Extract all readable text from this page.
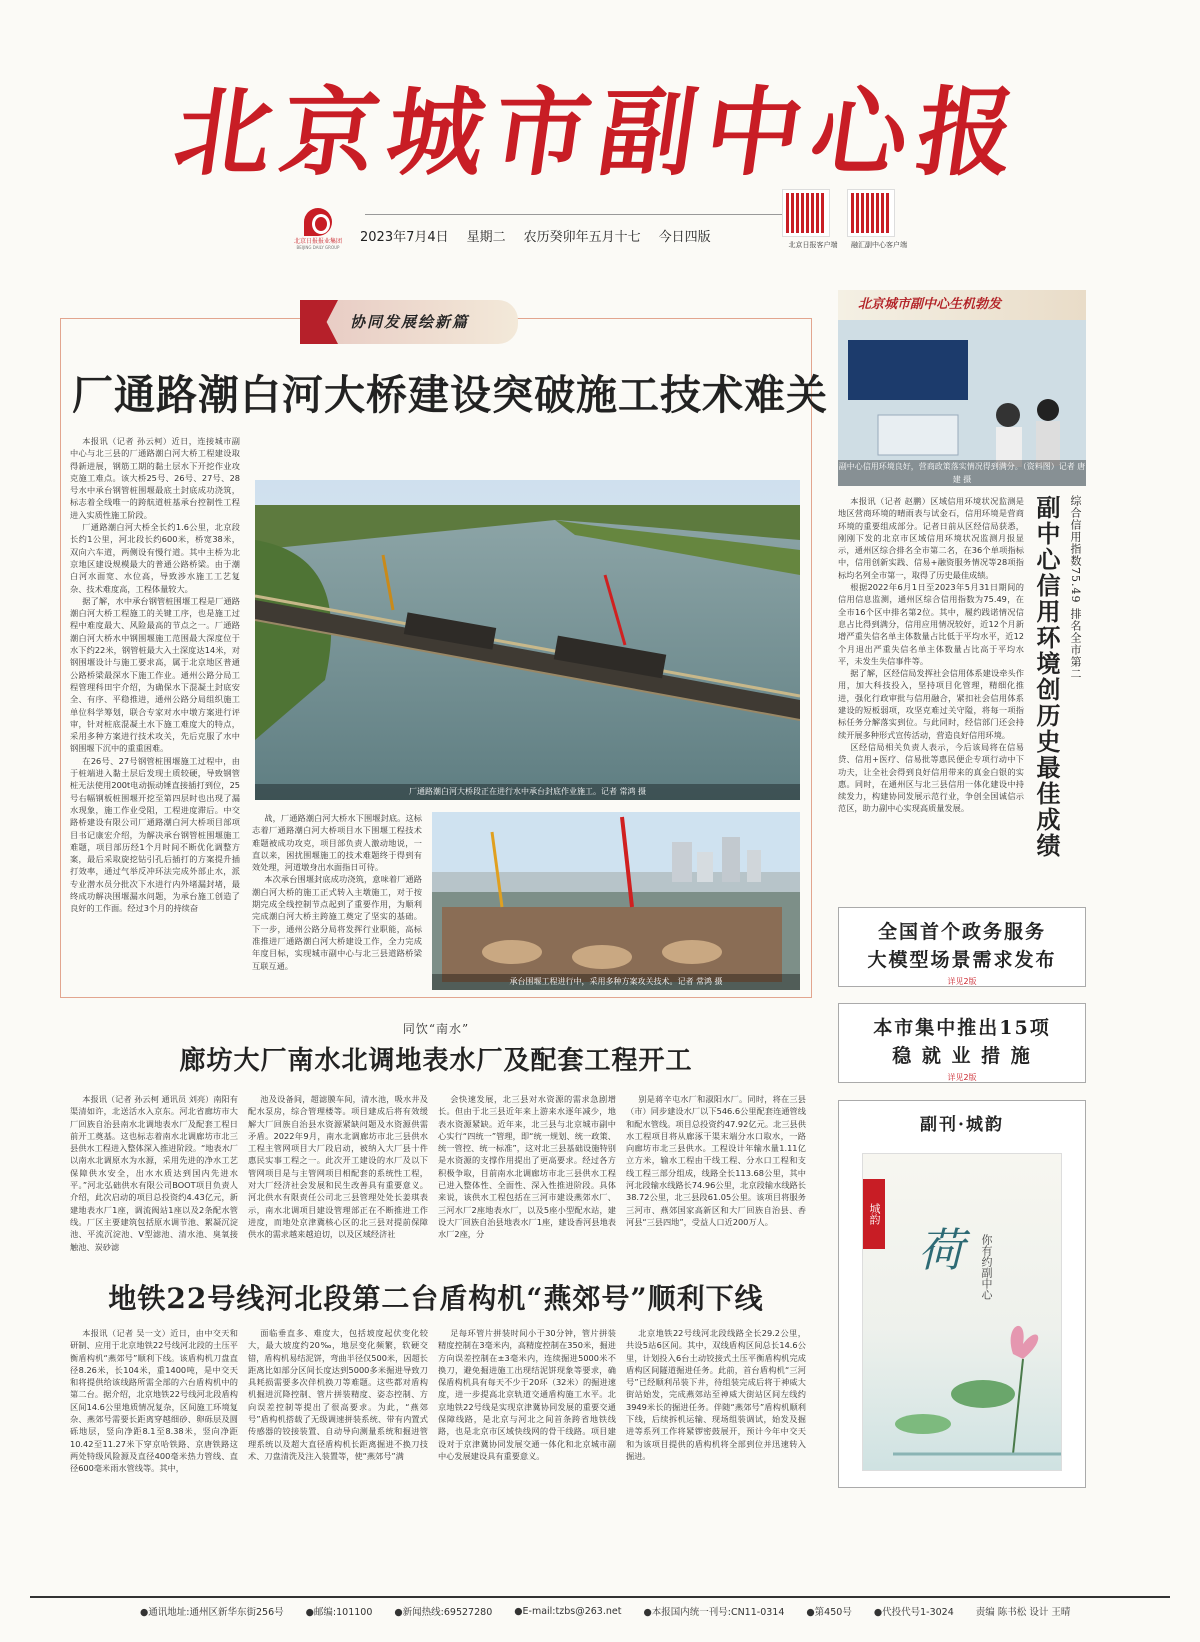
北京城市副中心报
北京日报报业集团
BEIJING DAILY GROUP
2023年7月4日 星期二 农历癸卯年五月十七 今日四版	北京日报客户端	融汇副中心客户端
协同发展绘新篇
厂通路潮白河大桥建设突破施工技术难关

本报讯（记者 孙云柯）近日，连接城市副中心与北三县的厂通路潮白河大桥工程建设取得新进展，钢筋工期的黏土层水下开挖作业攻克施工难点。该大桥25号、26号、27号、28号水中承台钢管桩围堰最底土封底成功浇筑，标志着全线唯一的跨航道桩基承台控制性工程进入实质性施工阶段。

厂通路潮白河大桥全长约1.6公里，北京段长约1公里，河北段长约600米，桥宽38米，双向六车道，两侧设有慢行道。其中主桥为北京地区建设规模最大的普通公路桥梁。由于潮白河水面宽、水位高，导致涉水施工工艺复杂、技术难度高，工程体量较大。

据了解，水中承台钢管桩围堰工程是厂通路潮白河大桥工程施工的关键工序，也是施工过程中难度最大、风险最高的节点之一。厂通路潮白河大桥水中钢围堰施工范围最大深度位于水下约22米，钢管桩最大入土深度达14米，对钢围堰设计与施工要求高，属于北京地区普通公路桥梁最深水下施工作业。通州公路分局工程管理科田宇介绍，为确保水下混凝土封底安全、有序、平稳推进，通州公路分局组织施工单位科学筹划，联合专家对水中墩方案进行评审，针对桩底混凝土水下施工难度大的特点，采用多种方案进行技术攻关，先后克服了水中钢围堰下沉中的重重困难。

在26号、27号钢管桩围堰施工过程中，由于桩端进入黏土层后发现土质较硬，导致钢管桩无法使用200t电动振动锤直接插打到位，25号右幅钢板桩围堰开挖至第四层时也出现了漏水现象，施工作业受阻，工程进度滞后。中交路桥建设有限公司厂通路潮白河大桥项目部项目书记康宏介绍，为解决承台钢管桩围堰施工难题，项目部历经1个月时间不断优化调整方案，最后采取旋挖钻引孔后插打的方案提升插打效率，通过气举反冲环法完成外部止水，派专业潜水员分批次下水进行内外堵漏封堵，最终成功解决围堰漏水问题，为承台施工创造了良好的工作面。经过3个月的持续奋

厂通路潮白河大桥段正在进行水中承台封底作业施工。记者 常鸿 摄

战，厂通路潮白河大桥水下围堰封底。这标志着厂通路潮白河大桥项目水下围堰工程技术难题被成功攻克，项目部负责人激动地说，一直以来，困扰围堰施工的技术难题终于得到有效处理，河道墩身出水面指日可待。

本次承台围堰封底成功浇筑，意味着厂通路潮白河大桥的施工正式转入主墩施工，对于按期完成全线控制节点起到了重要作用，为顺利完成潮白河大桥主跨施工奠定了坚实的基础。下一步，通州公路分局将发挥行业职能，高标准推进厂通路潮白河大桥建设工作，全力完成年度目标，实现城市副中心与北三县道路桥梁互联互通。

承台围堰工程进行中，采用多种方案攻关技术。记者 常鸿 摄
北京城市副中心生机勃发
副中心信用环境良好，营商政策落实情况得到满分。（资料图）记者 唐建 摄
综合信用指数75.49 排名全市第二
副中心信用环境创历史最佳成绩

本报讯（记者 赵鹏）区域信用环境状况监测是地区营商环境的晴雨表与试金石，信用环境是营商环境的重要组成部分。记者日前从区经信局获悉，刚刚下发的北京市区域信用环境状况监测月报显示，通州区综合排名全市第二名，在36个单项指标中，信用创新实践、信易+融资服务情况等28项指标均名列全市第一，取得了历史最佳成绩。

根据2022年6月1日至2023年5月31日期间的信用信息监测，通州区综合信用指数为75.49，在全市16个区中排名第2位。其中，履约践诺情况信息占比得到满分，信用应用情况较好，近12个月新增严重失信名单主体数量占比低于平均水平，近12个月退出严重失信名单主体数量占比高于平均水平，未发生失信事件等。

据了解，区经信局发挥社会信用体系建设牵头作用，加大科技投入，坚持项目化管理，精细化推进，强化行政审批与信用融合，紧扣社会信用体系建设的短板弱项，攻坚克难过关守隘，将每一项指标任务分解落实到位。与此同时，经信部门还会持续开展多种形式宣传活动，营造良好信用环境。

区经信局相关负责人表示，今后该局将在信易贷、信用+医疗、信易批等惠民便企专项行动中下功夫，让全社会得到良好信用带来的真金白银的实惠。同时，在通州区与北三县信用一体化建设中持续发力，构建协同发展示范行业，争创全国诚信示范区，助力副中心实现高质量发展。

全国首个政务服务
大模型场景需求发布
详见2版
本市集中推出15项
稳 就 业 措 施
详见2版
副刊·城韵
城韵
荷 你有约副中心
同饮“南水”
廊坊大厂南水北调地表水厂及配套工程开工

本报讯（记者 孙云柯 通讯员 刘亮）南阳有渠清如许，北送活水入京东。河北省廊坊市大厂回族自治县南水北调地表水厂及配套工程日前开工奠基。这也标志着南水北调廊坊市北三县供水工程进入整体深入推进阶段。“地表水厂以南水北调原水为水源，采用先进的净水工艺保障供水安全，出水水质达到国内先进水平。”河北弘础供水有限公司BOOT项目负责人介绍，此次启动的项目总投资约4.43亿元，新建地表水厂1座，调流阀站1座以及2条配水管线。厂区主要建筑包括原水调节池、絮凝沉淀池、平流沉淀池、V型滤池、清水池、臭氧接触池、炭砂滤

池及设备间，超滤膜车间，清水池，吸水井及配水泵房，综合管理楼等。项目建成后将有效缓解大厂回族自治县水资源紧缺问题及水资源供需矛盾。2022年9月，南水北调廊坊市北三县供水工程主管网项目大厂段启动，被纳入大厂县十件惠民实事工程之一。此次开工建设的水厂及以下管网项目是与主管网项目相配套的系统性工程，对大厂经济社会发展和民生改善具有重要意义。河北供水有限责任公司北三县管理处处长姜琪表示，南水北调项目建设管理部正在不断推进工作进度，而地处京津冀核心区的北三县对提前保障供水的需求越来越迫切，以及区域经济社

会快速发展，北三县对水资源的需求急剧增长。但由于北三县近年来上游来水逐年减少，地表水资源紧缺。近年来，北三县与北京城市副中心实行“四统一”管理，即“统一规划、统一政策、统一管控、统一标准”，这对北三县基础设施特别是水资源的支撑作用提出了更高要求。经过各方积极争取，目前南水北调廊坊市北三县供水工程已进入整体性、全面性、深入性推进阶段。具体来说，该供水工程包括在三河市建设燕郊水厂、三河水厂2座地表水厂，以及5座小型配水站，建设大厂回族自治县地表水厂1座，建设香河县地表水厂2座，分

别是蒋辛屯水厂和淑阳水厂。同时，将在三县（市）同步建设水厂以下546.6公里配套连通管线和配水管线。项目总投资约47.92亿元。北三县供水工程项目将从廊涿干渠末端分水口取水，一路向廊坊市北三县供水。工程设计年输水量1.11亿立方米，输水工程由干线工程、分水口工程和支线工程三部分组成，线路全长113.68公里，其中河北段输水线路长74.96公里，北京段输水线路长38.72公里，北三县段61.05公里。该项目将服务三河市、燕郊国家高新区和大厂回族自治县、香河县“三县四地”，受益人口近200万人。

地铁22号线河北段第二台盾构机“燕郊号”顺利下线

本报讯（记者 吴一文）近日，由中交天和研制、应用于北京地铁22号线河北段的土压平衡盾构机“燕郊号”顺利下线。该盾构机刀盘直径8.26米，长104米，重1400吨，是中交天和将提供给该线路所需全部的六台盾构机中的第二台。据介绍，北京地铁22号线河北段盾构区间14.6公里地质情况复杂，区间施工环境复杂、燕郊号需要长距离穿越细砂、卵砾层及圆砾地层，竖向净距8.1至8.38米，竖向净距10.42至11.27米下穿京哈铁路、京唐铁路这两处特级风险源及直径400毫米热力管线、直径600毫米雨水管线等。其中，

面临垂直多、难度大，包括坡度起伏变化较大，最大坡度约20‰，地层变化频繁，软硬交错，盾构机易结泥饼，弯曲半径仅500米，因超长距离比如部分区间长度达到5000多米掘进导致刀具耗损需要多次伴机换刀等难题。这些都对盾构机掘进沉降控制、管片拼装精度、姿态控制、方向误差控制等提出了很高要求。为此，“燕郊号”盾构机搭载了无级调速拼装系统、带有内置式传感器的铰接装置、自动导向测量系统和掘进管理系统以及超大直径盾构机长距离掘进不换刀技术、刀盘清洗及注入装置等，使“燕郊号”满

足每环管片拼装时间小于30分钟，管片拼装精度控制在3毫米内，高精度控制在350米，掘进方向误差控制在±3毫米内，连续掘进5000米不换刀，避免掘进施工出现结泥饼现象等要求，确保盾构机具有每天不少于20环（32米）的掘进速度，进一步提高北京轨道交通盾构施工水平。北京地铁22号线是实现京津冀协同发展的重要交通保障线路，是北京与河北之间首条跨省地铁线路，也是北京市区域快线网的骨干线路。项目建设对于京津冀协同发展交通一体化和北京城市副中心发展建设具有重要意义。

北京地铁22号线河北段线路全长29.2公里，共设5站6区间。其中，双线盾构区间总长14.6公里，计划投入6台土动铰接式土压平衡盾构机完成盾构区间隧道掘进任务。此前，首台盾构机“三河号”已经顺利吊装下井，待组装完成后将于神威大街站始发，完成燕郊站至神威大街站区间左线约3949米长的掘进任务。伴随“燕郊号”盾构机顺利下线，后续拆机运输、现场组装调试，始发及掘进等系列工作将紧锣密鼓展开，预计今年中交天和为该项目提供的盾构机将全部到位并迅速转入掘进。

●通讯地址:通州区新华东街256号 ●邮编:101100 ●新闻热线:69527280 ●E-mail:tzbs@263.net ●本报国内统一刊号:CN11-0314 ●第450号 ●代投代号1-3024 责编 陈书松 设计 王晴
